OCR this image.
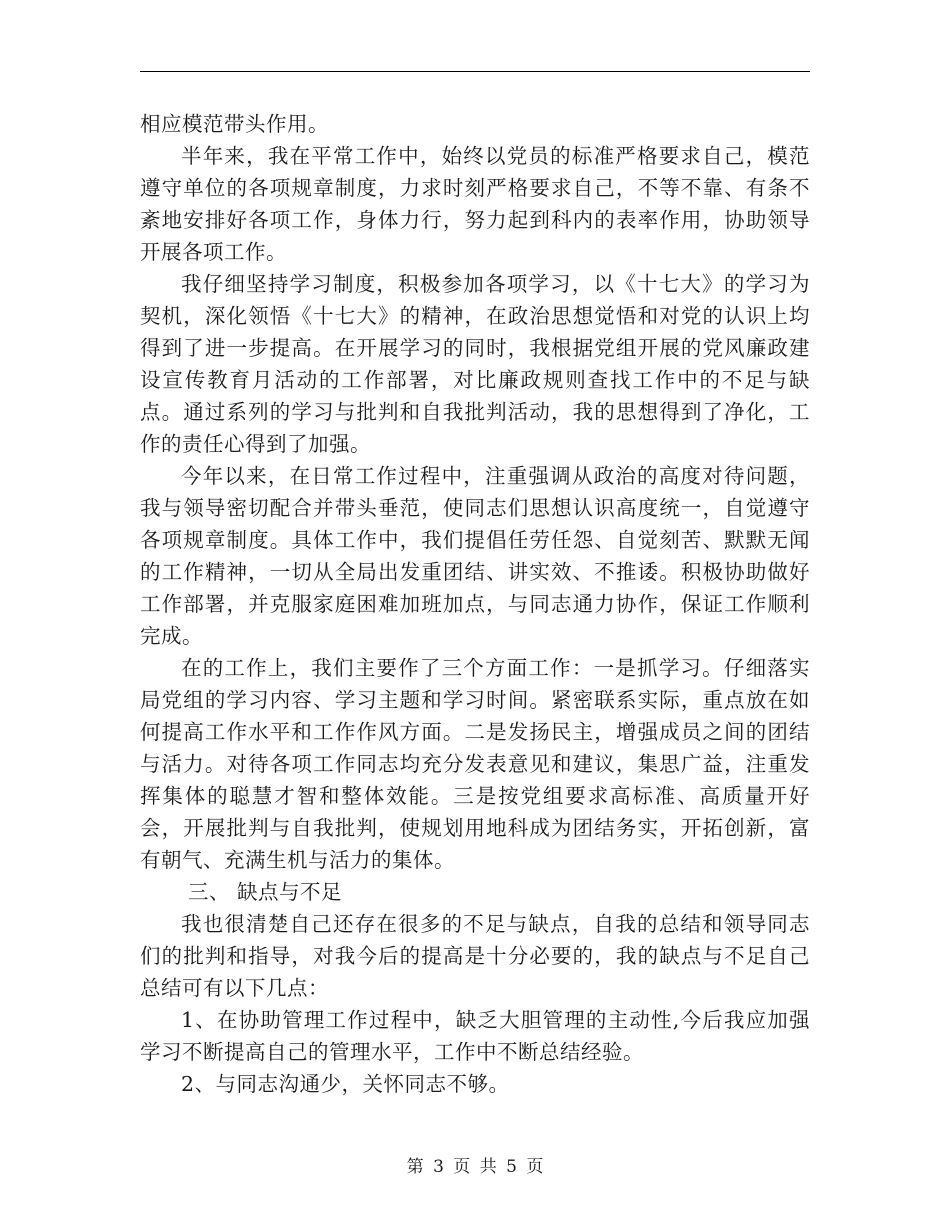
相应模范带头作用。

半年来，我在平常工作中，始终以党员的标准严格要求自己，模范遵守单位的各项规章制度，力求时刻严格要求自己，不等不靠、有条不紊地安排好各项工作，身体力行，努力起到科内的表率作用，协助领导开展各项工作。

我仔细坚持学习制度，积极参加各项学习，以《十七大》的学习为契机，深化领悟《十七大》的精神，在政治思想觉悟和对党的认识上均得到了进一步提高。在开展学习的同时，我根据党组开展的党风廉政建设宣传教育月活动的工作部署，对比廉政规则查找工作中的不足与缺点。通过系列的学习与批判和自我批判活动，我的思想得到了净化，工作的责任心得到了加强。

今年以来，在日常工作过程中，注重强调从政治的高度对待问题，我与领导密切配合并带头垂范，使同志们思想认识高度统一，自觉遵守各项规章制度。具体工作中，我们提倡任劳任怨、自觉刻苦、默默无闻的工作精神，一切从全局出发重团结、讲实效、不推诿。积极协助做好工作部署，并克服家庭困难加班加点，与同志通力协作，保证工作顺利完成。

在的工作上，我们主要作了三个方面工作：一是抓学习。仔细落实局党组的学习内容、学习主题和学习时间。紧密联系实际，重点放在如何提高工作水平和工作作风方面。二是发扬民主，增强成员之间的团结与活力。对待各项工作同志均充分发表意见和建议，集思广益，注重发挥集体的聪慧才智和整体效能。三是按党组要求高标准、高质量开好会，开展批判与自我批判，使规划用地科成为团结务实，开拓创新，富有朝气、充满生机与活力的集体。

三、 缺点与不足

我也很清楚自己还存在很多的不足与缺点，自我的总结和领导同志们的批判和指导，对我今后的提高是十分必要的，我的缺点与不足自己总结可有以下几点：

1、在协助管理工作过程中，缺乏大胆管理的主动性,今后我应加强学习不断提高自己的管理水平，工作中不断总结经验。

2、与同志沟通少，关怀同志不够。

第 3 页 共 5 页
